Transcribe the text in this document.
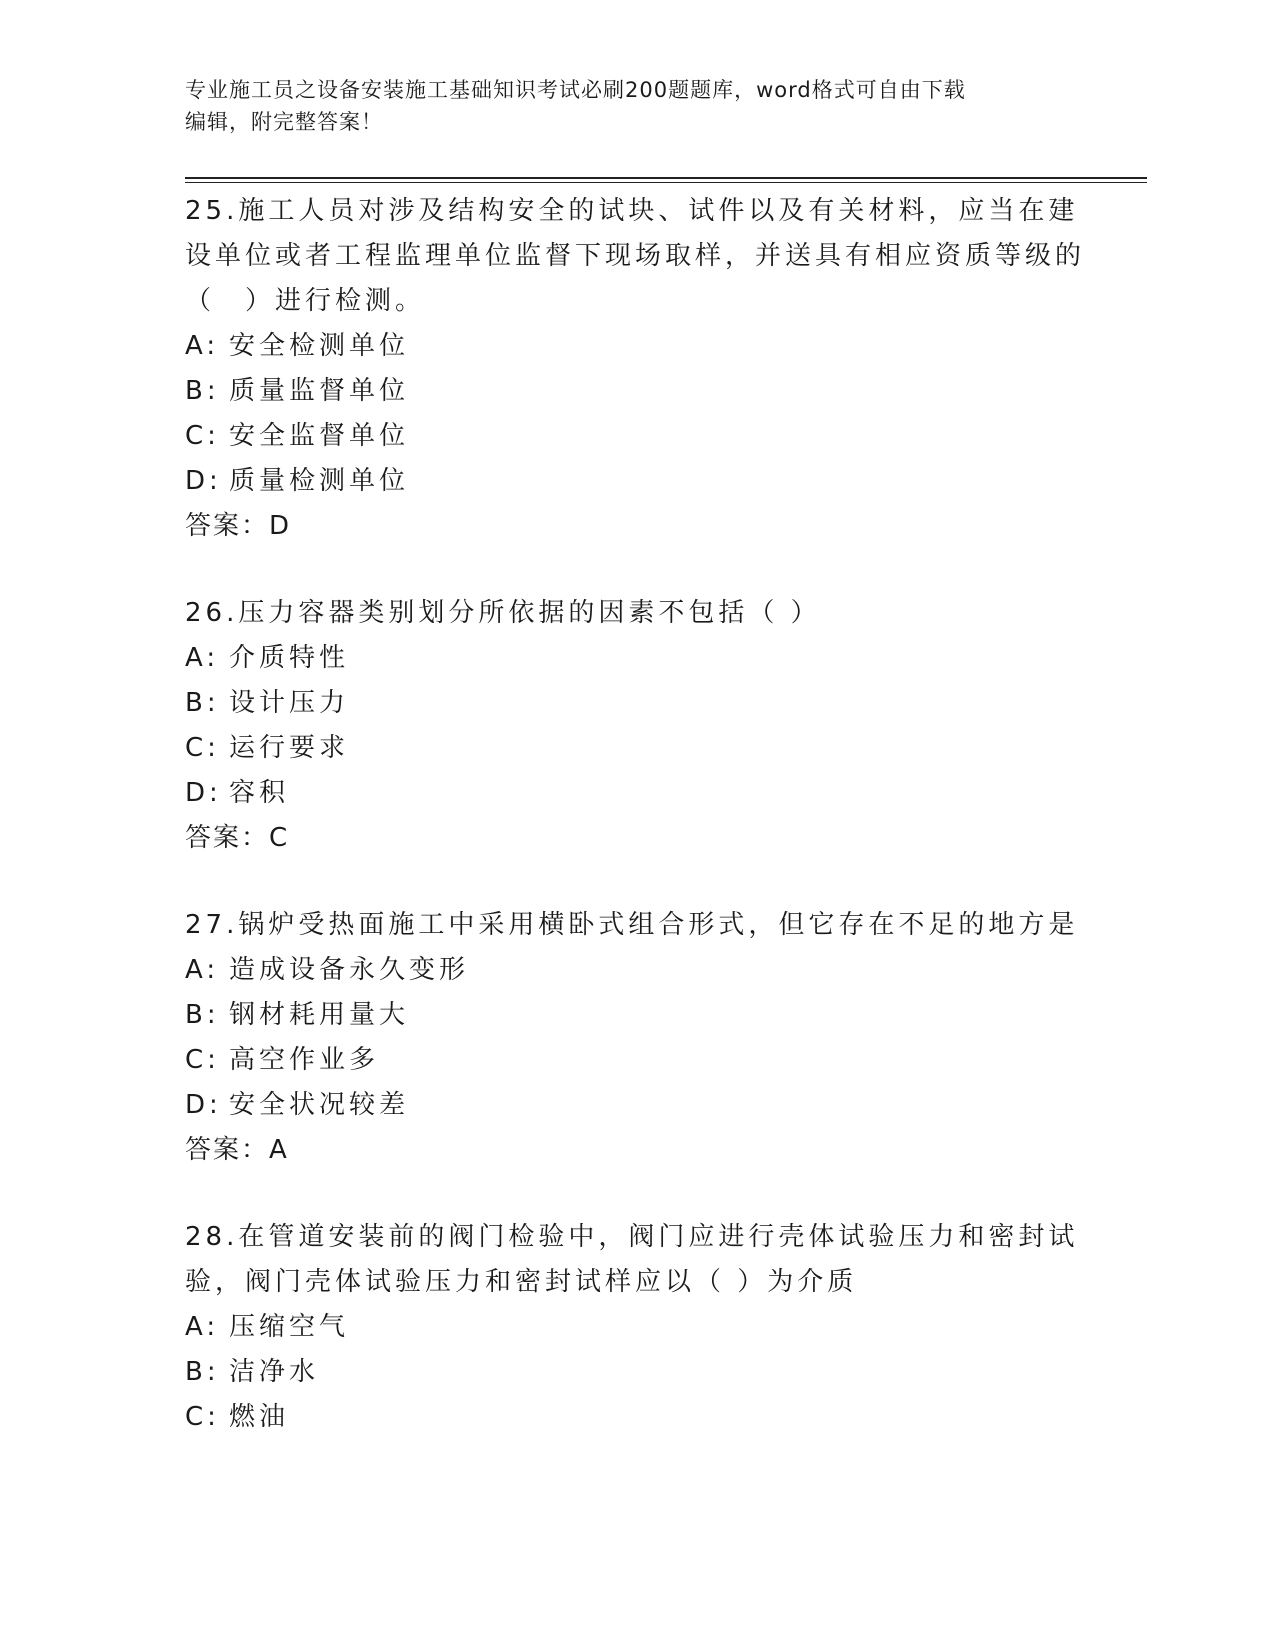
专业施工员之设备安装施工基础知识考试必刷200题题库，word格式可自由下载
编辑，附完整答案！

25.施工人员对涉及结构安全的试块、试件以及有关材料，应当在建设单位或者工程监理单位监督下现场取样，并送具有相应资质等级的（　）进行检测。

A: 安全检测单位

B: 质量监督单位

C: 安全监督单位

D: 质量检测单位

答案：D

26.压力容器类别划分所依据的因素不包括（ ）

A: 介质特性

B: 设计压力

C: 运行要求

D: 容积

答案：C

27.锅炉受热面施工中采用横卧式组合形式，但它存在不足的地方是

A: 造成设备永久变形

B: 钢材耗用量大

C: 高空作业多

D: 安全状况较差

答案：A

28.在管道安装前的阀门检验中，阀门应进行壳体试验压力和密封试验，阀门壳体试验压力和密封试样应以（ ）为介质

A: 压缩空气

B: 洁净水

C: 燃油
